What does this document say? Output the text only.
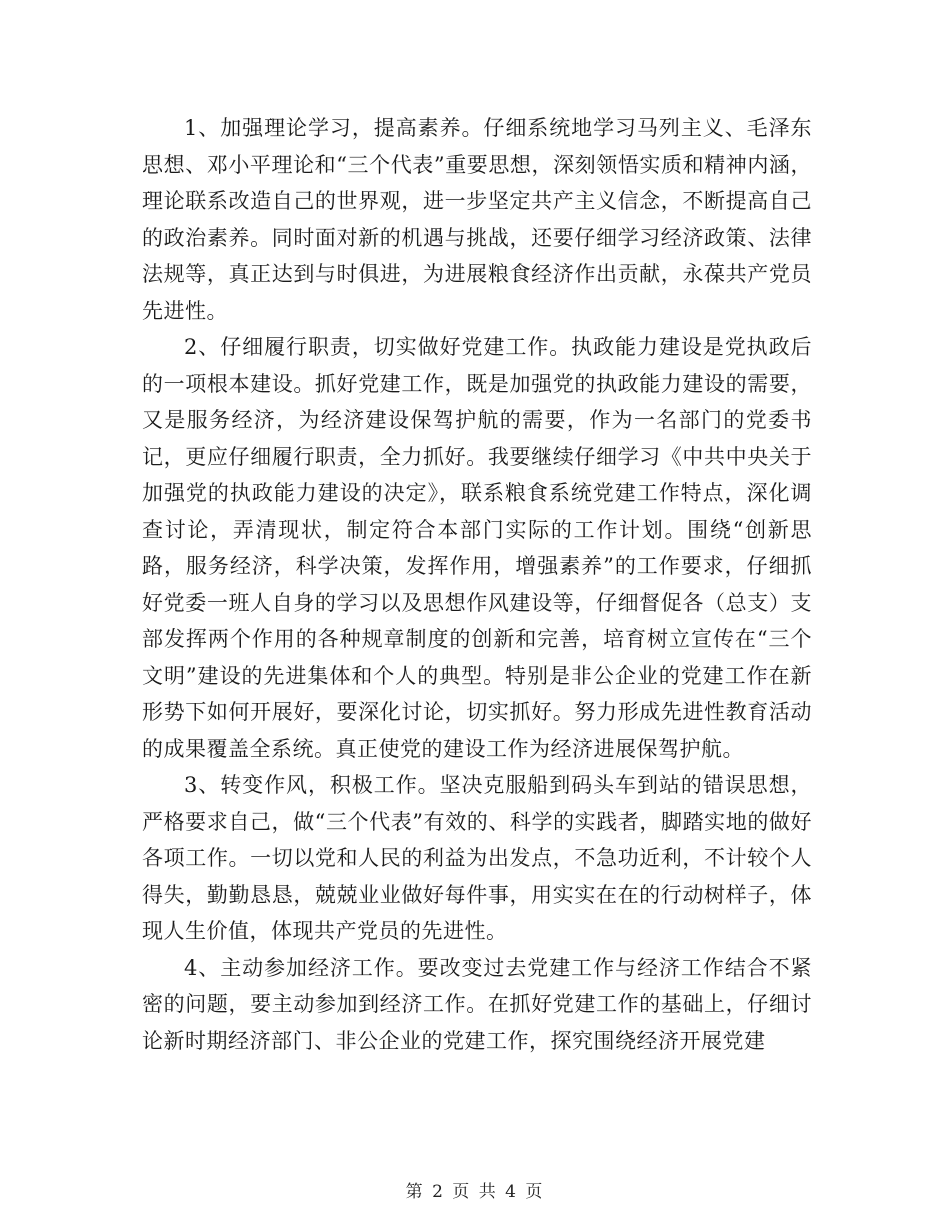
1、加强理论学习，提高素养。仔细系统地学习马列主义、毛泽东思想、邓小平理论和“三个代表”重要思想，深刻领悟实质和精神内涵，理论联系改造自己的世界观，进一步坚定共产主义信念，不断提高自己的政治素养。同时面对新的机遇与挑战，还要仔细学习经济政策、法律法规等，真正达到与时俱进，为进展粮食经济作出贡献，永葆共产党员先进性。

2、仔细履行职责，切实做好党建工作。执政能力建设是党执政后的一项根本建设。抓好党建工作，既是加强党的执政能力建设的需要，又是服务经济，为经济建设保驾护航的需要，作为一名部门的党委书记，更应仔细履行职责，全力抓好。我要继续仔细学习《中共中央关于加强党的执政能力建设的决定》，联系粮食系统党建工作特点，深化调查讨论，弄清现状，制定符合本部门实际的工作计划。围绕“创新思路，服务经济，科学决策，发挥作用，增强素养”的工作要求，仔细抓好党委一班人自身的学习以及思想作风建设等，仔细督促各（总支）支部发挥两个作用的各种规章制度的创新和完善，培育树立宣传在“三个文明”建设的先进集体和个人的典型。特别是非公企业的党建工作在新形势下如何开展好，要深化讨论，切实抓好。努力形成先进性教育活动的成果覆盖全系统。真正使党的建设工作为经济进展保驾护航。

3、转变作风，积极工作。坚决克服船到码头车到站的错误思想，严格要求自己，做“三个代表”有效的、科学的实践者，脚踏实地的做好各项工作。一切以党和人民的利益为出发点，不急功近利，不计较个人得失，勤勤恳恳，兢兢业业做好每件事，用实实在在的行动树样子，体现人生价值，体现共产党员的先进性。

4、主动参加经济工作。要改变过去党建工作与经济工作结合不紧密的问题，要主动参加到经济工作。在抓好党建工作的基础上，仔细讨论新时期经济部门、非公企业的党建工作，探究围绕经济开展党建

第 2 页 共 4 页
